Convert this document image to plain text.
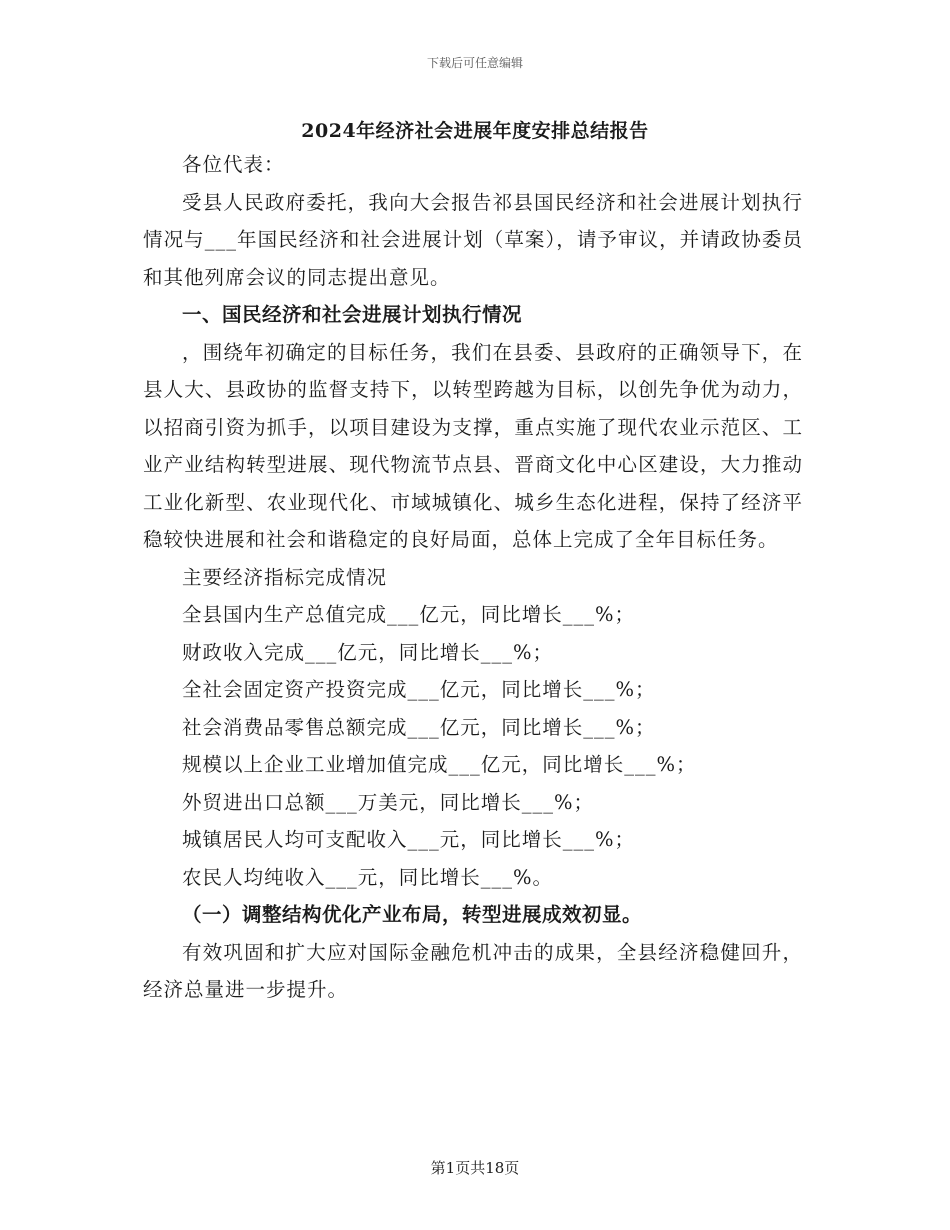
下载后可任意编辑
2024年经济社会进展年度安排总结报告

各位代表：

受县人民政府委托，我向大会报告祁县国民经济和社会进展计划执行情况与___年国民经济和社会进展计划（草案），请予审议，并请政协委员和其他列席会议的同志提出意见。

一、国民经济和社会进展计划执行情况

，围绕年初确定的目标任务，我们在县委、县政府的正确领导下，在县人大、县政协的监督支持下，以转型跨越为目标，以创先争优为动力，以招商引资为抓手，以项目建设为支撑，重点实施了现代农业示范区、工业产业结构转型进展、现代物流节点县、晋商文化中心区建设，大力推动工业化新型、农业现代化、市域城镇化、城乡生态化进程，保持了经济平稳较快进展和社会和谐稳定的良好局面，总体上完成了全年目标任务。

主要经济指标完成情况

全县国内生产总值完成___亿元，同比增长___%；

财政收入完成___亿元，同比增长___%；

全社会固定资产投资完成___亿元，同比增长___%；

社会消费品零售总额完成___亿元，同比增长___%；

规模以上企业工业增加值完成___亿元，同比增长___%；

外贸进出口总额___万美元，同比增长___%；

城镇居民人均可支配收入___元，同比增长___%；

农民人均纯收入___元，同比增长___%。

（一）调整结构优化产业布局，转型进展成效初显。

有效巩固和扩大应对国际金融危机冲击的成果，全县经济稳健回升，经济总量进一步提升。

第1页共18页
